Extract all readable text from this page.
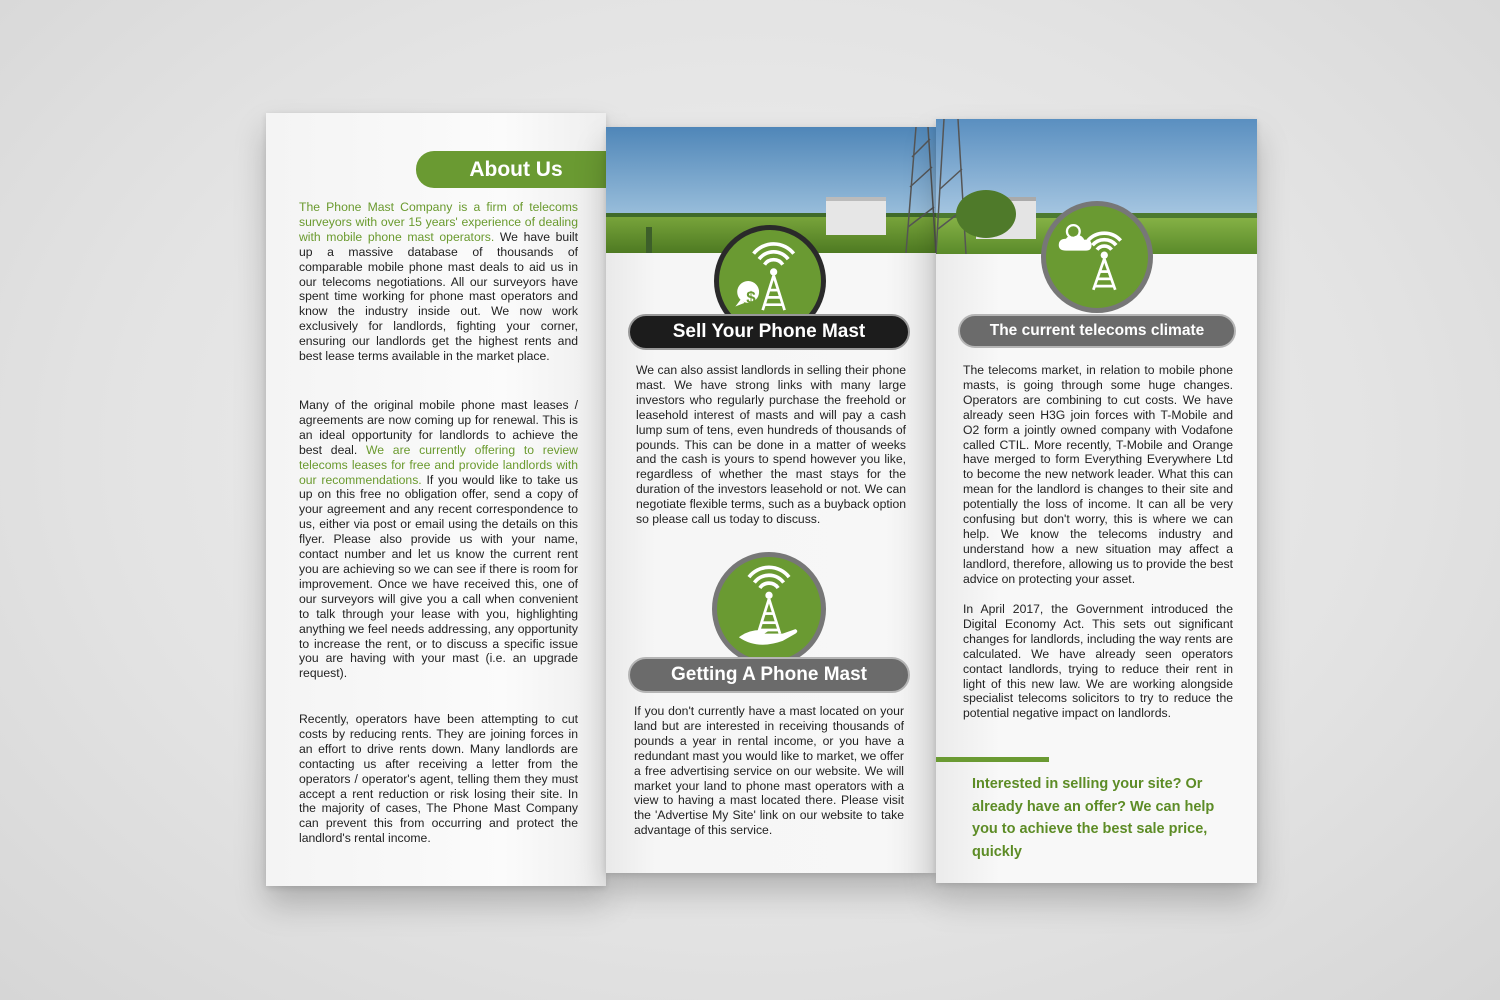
About Us

The Phone Mast Company is a firm of telecoms surveyors with over 15 years' experience of dealing with mobile phone mast operators. We have built up a massive database of thousands of comparable mobile phone mast deals to aid us in our telecoms negotiations. All our surveyors have spent time working for phone mast operators and know the industry inside out. We now work exclusively for landlords, fighting your corner, ensuring our landlords get the highest rents and best lease terms available in the market place.

Many of the original mobile phone mast leases / agreements are now coming up for renewal. This is an ideal opportunity for landlords to achieve the best deal. We are currently offering to review telecoms leases for free and provide landlords with our recommendations. If you would like to take us up on this free no obligation offer, send a copy of your agreement and any recent correspondence to us, either via post or email using the details on this flyer. Please also provide us with your name, contact number and let us know the current rent you are achieving so we can see if there is room for improvement. Once we have received this, one of our surveyors will give you a call when convenient to talk through your lease with you, highlighting anything we feel needs addressing, any opportunity to increase the rent, or to discuss a specific issue you are having with your mast (i.e. an upgrade request).

Recently, operators have been attempting to cut costs by reducing rents. They are joining forces in an effort to drive rents down. Many landlords are contacting us after receiving a letter from the operators / operator's agent, telling them they must accept a rent reduction or risk losing their site. In the majority of cases, The Phone Mast Company can prevent this from occurring and protect the landlord's rental income.

$
Sell Your Phone Mast

We can also assist landlords in selling their phone mast. We have strong links with many large investors who regularly purchase the freehold or leasehold interest of masts and will pay a cash lump sum of tens, even hundreds of thousands of pounds. This can be done in a matter of weeks and the cash is yours to spend however you like, regardless of whether the mast stays for the duration of the investors leasehold or not. We can negotiate flexible terms, such as a buyback option so please call us today to discuss.

Getting A Phone Mast

If you don't currently have a mast located on your land but are interested in receiving thousands of pounds a year in rental income, or you have a redundant mast you would like to market, we offer a free advertising service on our website. We will market your land to phone mast operators with a view to having a mast located there. Please visit the 'Advertise My Site' link on our website to take advantage of this service.

The current telecoms climate

The telecoms market, in relation to mobile phone masts, is going through some huge changes. Operators are combining to cut costs. We have already seen H3G join forces with T-Mobile and O2 form a jointly owned company with Vodafone called CTIL. More recently, T-Mobile and Orange have merged to form Everything Everywhere Ltd to become the new network leader. What this can mean for the landlord is changes to their site and potentially the loss of income. It can all be very confusing but don't worry, this is where we can help. We know the telecoms industry and understand how a new situation may affect a landlord, therefore, allowing us to provide the best advice on protecting your asset.

In April 2017, the Government introduced the Digital Economy Act. This sets out significant changes for landlords, including the way rents are calculated. We have already seen operators contact landlords, trying to reduce their rent in light of this new law. We are working alongside specialist telecoms solicitors to try to reduce the potential negative impact on landlords.

Interested in selling your site? Or already have an offer? We can help you to achieve the best sale price, quickly
